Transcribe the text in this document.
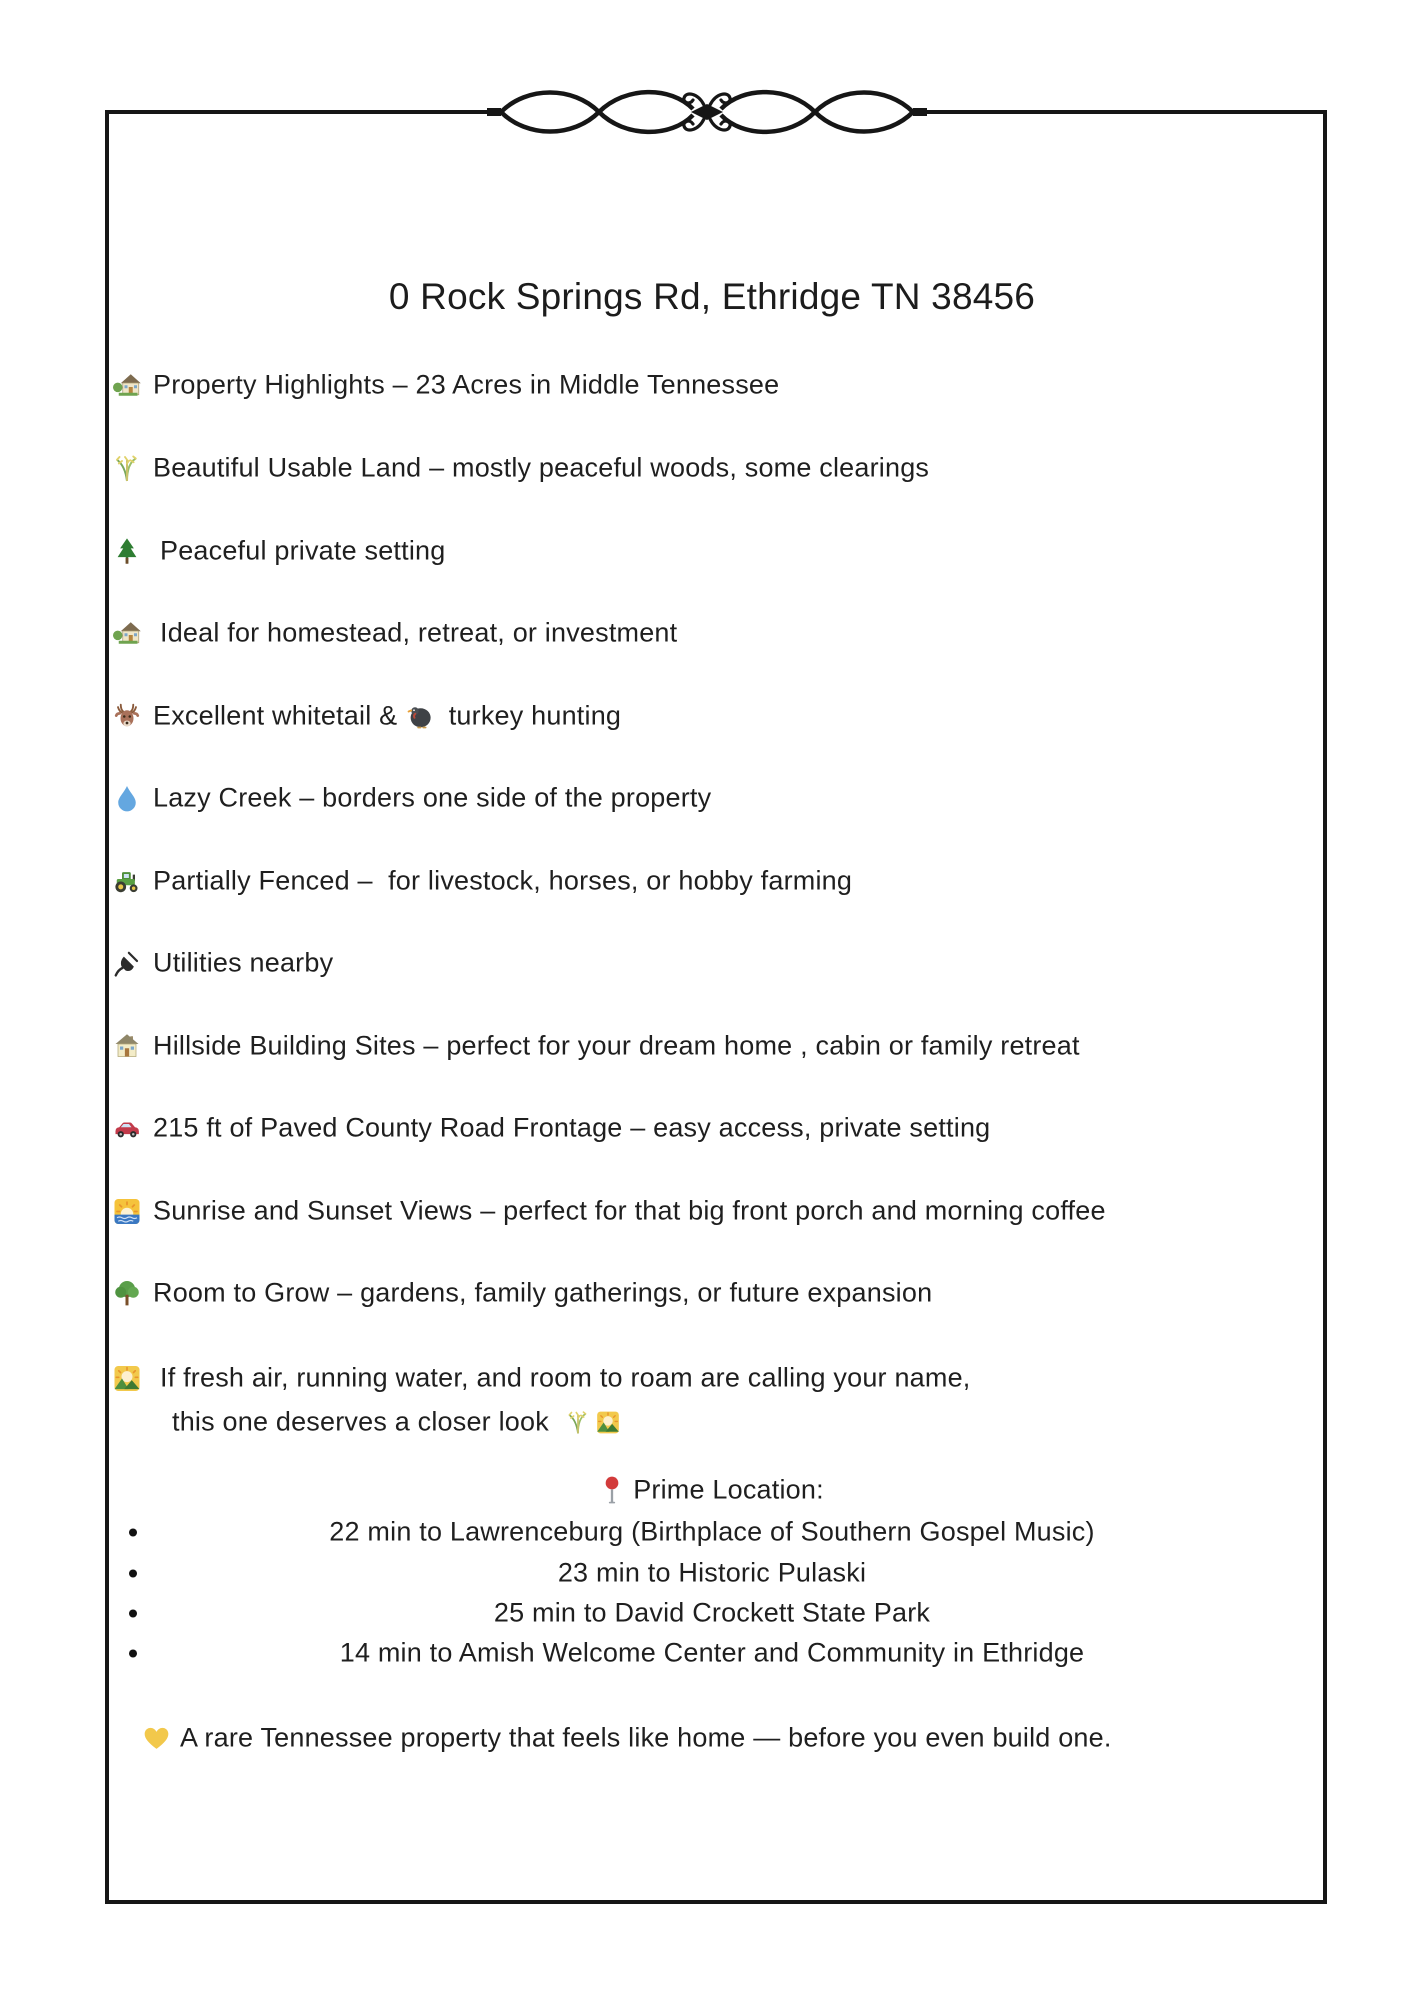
0 Rock Springs Rd, Ethridge TN 38456
Property Highlights – 23 Acres in Middle Tennessee
Beautiful Usable Land – mostly peaceful woods, some clearings
Peaceful private setting
Ideal for homestead, retreat, or investment
Excellent whitetail & turkey hunting
Lazy Creek – borders one side of the property
Partially Fenced –  for livestock, horses, or hobby farming
Utilities nearby
Hillside Building Sites – perfect for your dream home , cabin or family retreat
215 ft of Paved County Road Frontage – easy access, private setting
Sunrise and Sunset Views – perfect for that big front porch and morning coffee
Room to Grow – gardens, family gatherings, or future expansion
If fresh air, running water, and room to roam are calling your name,
this one deserves a closer look
Prime Location:
22 min to Lawrenceburg (Birthplace of Southern Gospel Music)
23 min to Historic Pulaski
25 min to David Crockett State Park
14 min to Amish Welcome Center and Community in Ethridge
A rare Tennessee property that feels like home — before you even build one.
